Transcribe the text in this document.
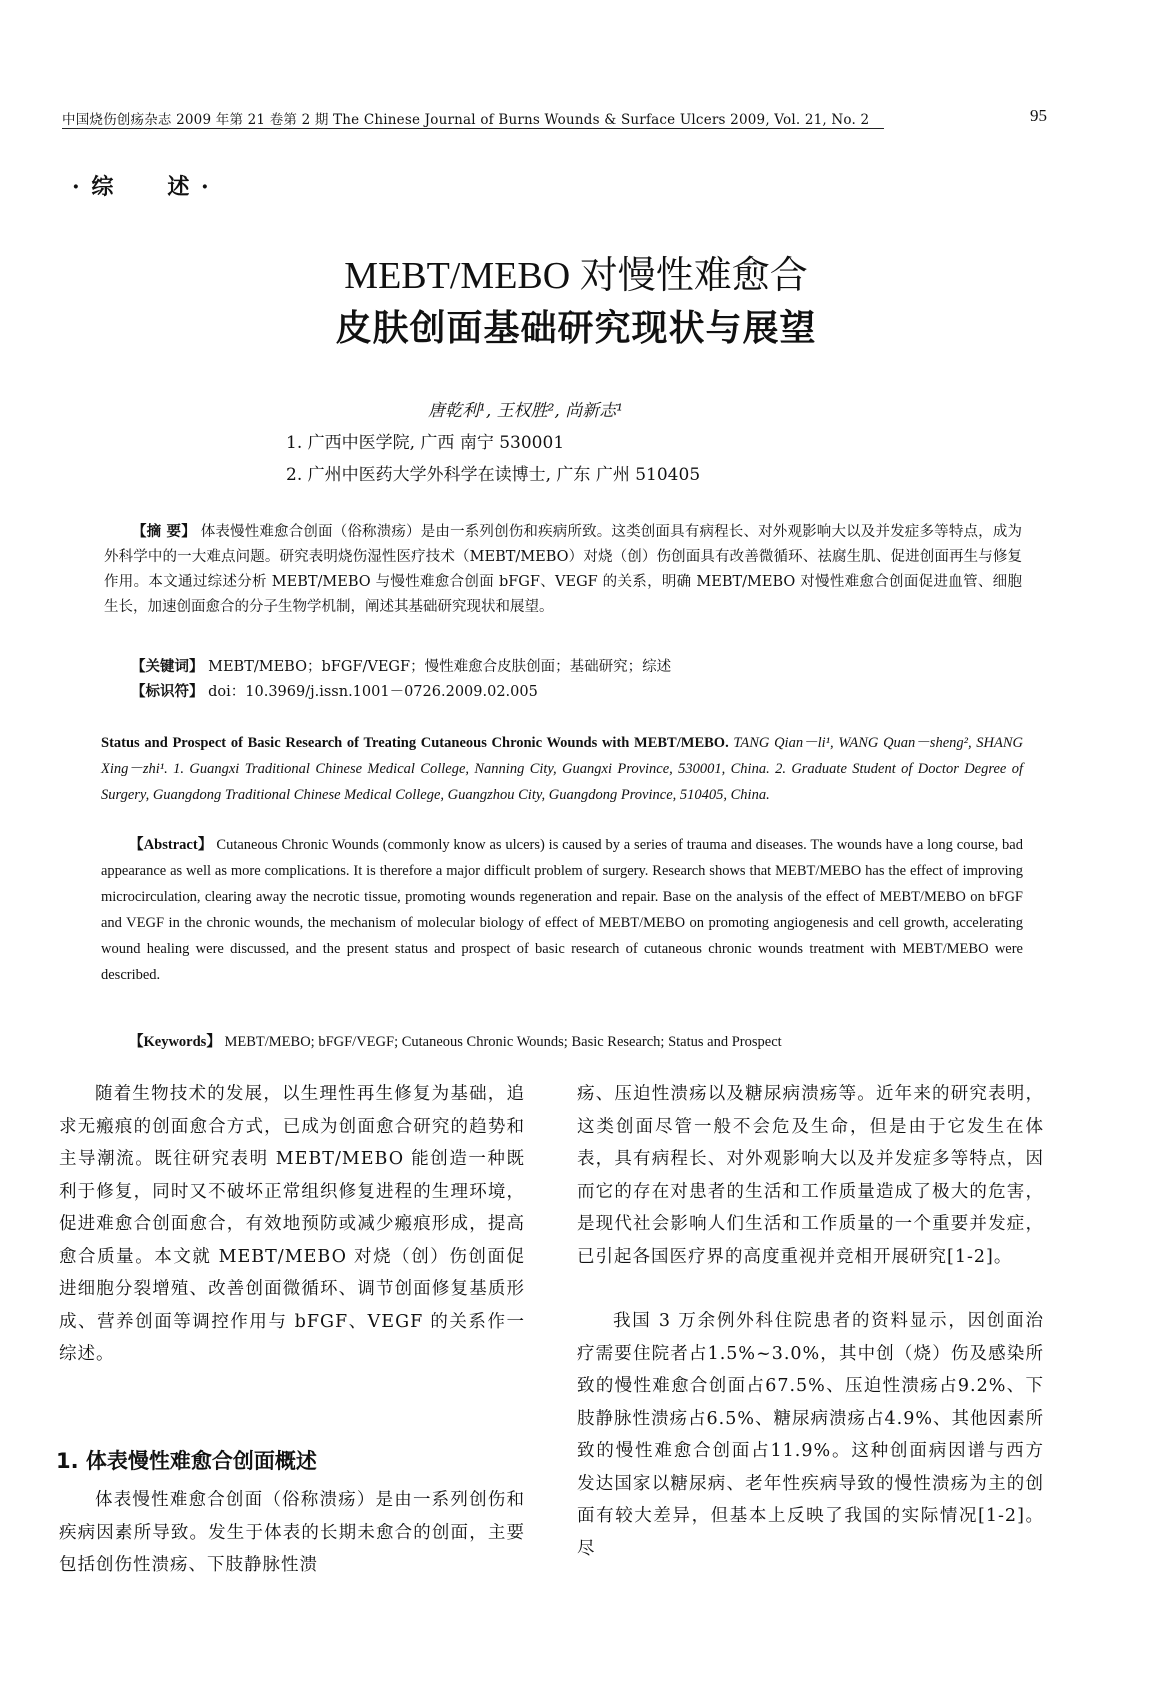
中国烧伤创疡杂志 2009 年第 21 卷第 2 期 The Chinese Journal of Burns Wounds & Surface Ulcers 2009, Vol. 21, No. 2	95
· 综 述 ·
MEBT/MEBO 对慢性难愈合
皮肤创面基础研究现状与展望
唐乾利¹, 王权胜², 尚新志¹
1. 广西中医学院, 广西 南宁 530001
2. 广州中医药大学外科学在读博士, 广东 广州 510405
【摘 要】 体表慢性难愈合创面（俗称溃疡）是由一系列创伤和疾病所致。这类创面具有病程长、对外观影响大以及并发症多等特点，成为外科学中的一大难点问题。研究表明烧伤湿性医疗技术（MEBT/MEBO）对烧（创）伤创面具有改善微循环、祛腐生肌、促进创面再生与修复作用。本文通过综述分析 MEBT/MEBO 与慢性难愈合创面 bFGF、VEGF 的关系，明确 MEBT/MEBO 对慢性难愈合创面促进血管、细胞生长，加速创面愈合的分子生物学机制，阐述其基础研究现状和展望。
【关键词】 MEBT/MEBO；bFGF/VEGF；慢性难愈合皮肤创面；基础研究；综述
【标识符】 doi：10.3969/j.issn.1001－0726.2009.02.005
Status and Prospect of Basic Research of Treating Cutaneous Chronic Wounds with MEBT/MEBO. TANG Qian－li¹, WANG Quan－sheng², SHANG Xing－zhi¹. 1. Guangxi Traditional Chinese Medical College, Nanning City, Guangxi Province, 530001, China. 2. Graduate Student of Doctor Degree of Surgery, Guangdong Traditional Chinese Medical College, Guangzhou City, Guangdong Province, 510405, China.
【Abstract】 Cutaneous Chronic Wounds (commonly know as ulcers) is caused by a series of trauma and diseases. The wounds have a long course, bad appearance as well as more complications. It is therefore a major difficult problem of surgery. Research shows that MEBT/MEBO has the effect of improving microcirculation, clearing away the necrotic tissue, promoting wounds regeneration and repair. Base on the analysis of the effect of MEBT/MEBO on bFGF and VEGF in the chronic wounds, the mechanism of molecular biology of effect of MEBT/MEBO on promoting angiogenesis and cell growth, accelerating wound healing were discussed, and the present status and prospect of basic research of cutaneous chronic wounds treatment with MEBT/MEBO were described.
【Keywords】 MEBT/MEBO; bFGF/VEGF; Cutaneous Chronic Wounds; Basic Research; Status and Prospect
随着生物技术的发展，以生理性再生修复为基础，追求无瘢痕的创面愈合方式，已成为创面愈合研究的趋势和主导潮流。既往研究表明 MEBT/MEBO 能创造一种既利于修复，同时又不破坏正常组织修复进程的生理环境，促进难愈合创面愈合，有效地预防或减少瘢痕形成，提高愈合质量。本文就 MEBT/MEBO 对烧（创）伤创面促进细胞分裂增殖、改善创面微循环、调节创面修复基质形成、营养创面等调控作用与 bFGF、VEGF 的关系作一综述。
1. 体表慢性难愈合创面概述
体表慢性难愈合创面（俗称溃疡）是由一系列创伤和疾病因素所导致。发生于体表的长期未愈合的创面，主要包括创伤性溃疡、下肢静脉性溃
疡、压迫性溃疡以及糖尿病溃疡等。近年来的研究表明，这类创面尽管一般不会危及生命，但是由于它发生在体表，具有病程长、对外观影响大以及并发症多等特点，因而它的存在对患者的生活和工作质量造成了极大的危害，是现代社会影响人们生活和工作质量的一个重要并发症，已引起各国医疗界的高度重视并竞相开展研究[1-2]。
我国 3 万余例外科住院患者的资料显示，因创面治疗需要住院者占1.5%~3.0%，其中创（烧）伤及感染所致的慢性难愈合创面占67.5%、压迫性溃疡占9.2%、下肢静脉性溃疡占6.5%、糖尿病溃疡占4.9%、其他因素所致的慢性难愈合创面占11.9%。这种创面病因谱与西方发达国家以糖尿病、老年性疾病导致的慢性溃疡为主的创面有较大差异，但基本上反映了我国的实际情况[1-2]。尽
